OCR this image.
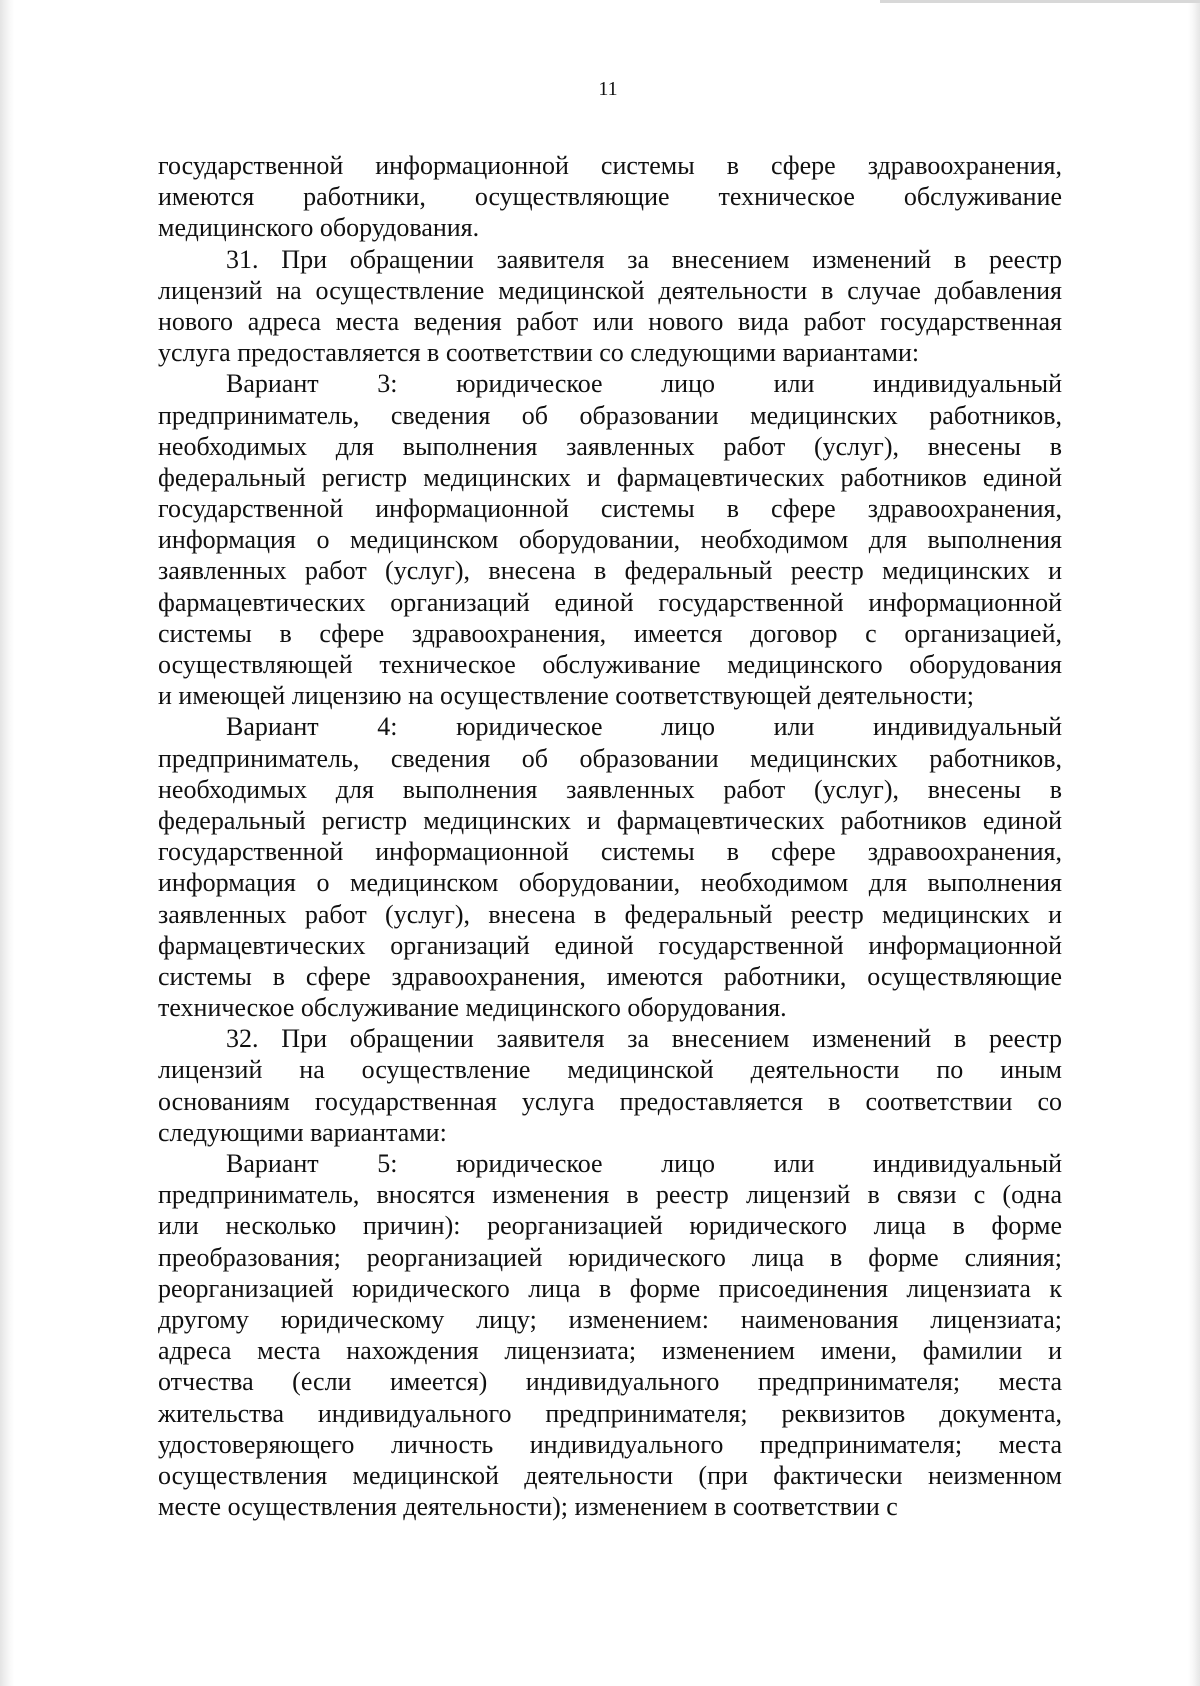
11
государственной информационной системы в сфере здравоохранения,
имеются работники, осуществляющие техническое обслуживание
медицинского оборудования.
31. При обращении заявителя за внесением изменений в реестр
лицензий на осуществление медицинской деятельности в случае добавления
нового адреса места ведения работ или нового вида работ государственная
услуга предоставляется в соответствии со следующими вариантами:
Вариант 3: юридическое лицо или индивидуальный
предприниматель, сведения об образовании медицинских работников,
необходимых для выполнения заявленных работ (услуг), внесены в
федеральный регистр медицинских и фармацевтических работников единой
государственной информационной системы в сфере здравоохранения,
информация о медицинском оборудовании, необходимом для выполнения
заявленных работ (услуг), внесена в федеральный реестр медицинских и
фармацевтических организаций единой государственной информационной
системы в сфере здравоохранения, имеется договор с организацией,
осуществляющей техническое обслуживание медицинского оборудования
и имеющей лицензию на осуществление соответствующей деятельности;
Вариант 4: юридическое лицо или индивидуальный
предприниматель, сведения об образовании медицинских работников,
необходимых для выполнения заявленных работ (услуг), внесены в
федеральный регистр медицинских и фармацевтических работников единой
государственной информационной системы в сфере здравоохранения,
информация о медицинском оборудовании, необходимом для выполнения
заявленных работ (услуг), внесена в федеральный реестр медицинских и
фармацевтических организаций единой государственной информационной
системы в сфере здравоохранения, имеются работники, осуществляющие
техническое обслуживание медицинского оборудования.
32. При обращении заявителя за внесением изменений в реестр
лицензий на осуществление медицинской деятельности по иным
основаниям государственная услуга предоставляется в соответствии со
следующими вариантами:
Вариант 5: юридическое лицо или индивидуальный
предприниматель, вносятся изменения в реестр лицензий в связи с (одна
или несколько причин): реорганизацией юридического лица в форме
преобразования; реорганизацией юридического лица в форме слияния;
реорганизацией юридического лица в форме присоединения лицензиата к
другому юридическому лицу; изменением: наименования лицензиата;
адреса места нахождения лицензиата; изменением имени, фамилии и
отчества (если имеется) индивидуального предпринимателя; места
жительства индивидуального предпринимателя; реквизитов документа,
удостоверяющего личность индивидуального предпринимателя; места
осуществления медицинской деятельности (при фактически неизменном
месте осуществления деятельности); изменением в соответствии с
